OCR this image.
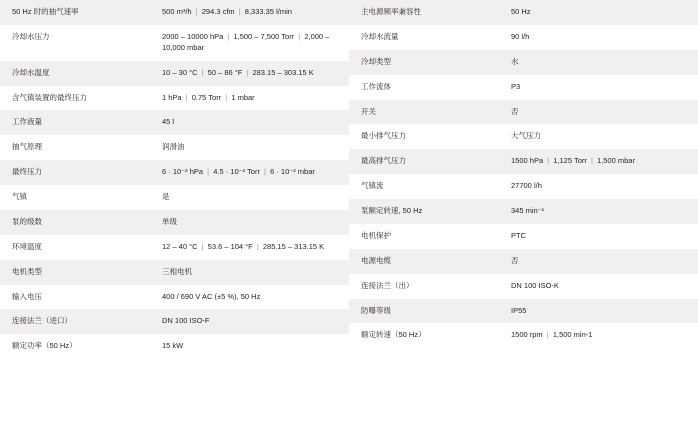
50 Hz 时的抽气速率	500 m³/h | 294.3 cfm | 8,333.35 l/min
冷却水压力	2000 – 10000 hPa | 1,500 – 7,500 Torr | 2,000 – 10,000 mbar
冷却水温度	10 – 30 °C | 50 – 86 °F | 283.15 – 303.15 K
含气镇装置的最终压力	1 hPa | 0.75 Torr | 1 mbar
工作液量	45 l
抽气原理	润滑油
最终压力	6 · 10⁻² hPa | 4.5 · 10⁻² Torr | 6 · 10⁻² mbar
气镇	是
泵的级数	单级
环境温度	12 – 40 °C | 53.6 – 104 °F | 285.15 – 313.15 K
电机类型	三相电机
输入电压	400 / 690 V AC (±5 %), 50 Hz
连接法兰（进口）	DN 100 ISO-F
额定功率（50 Hz）	15 kW
主电源频率兼容性	50 Hz
冷却水流量	90 l/h
冷却类型	水
工作流体	P3
开关	否
最小排气压力	大气压力
最高排气压力	1500 hPa | 1,125 Torr | 1,500 mbar
气镇流	27700 l/h
泵额定转速, 50 Hz	345 min⁻¹
电机保护	PTC
电源电缆	否
连接法兰（出）	DN 100 ISO-K
防曝等级	IP55
额定转速（50 Hz）	1500 rpm | 1,500 min-1
